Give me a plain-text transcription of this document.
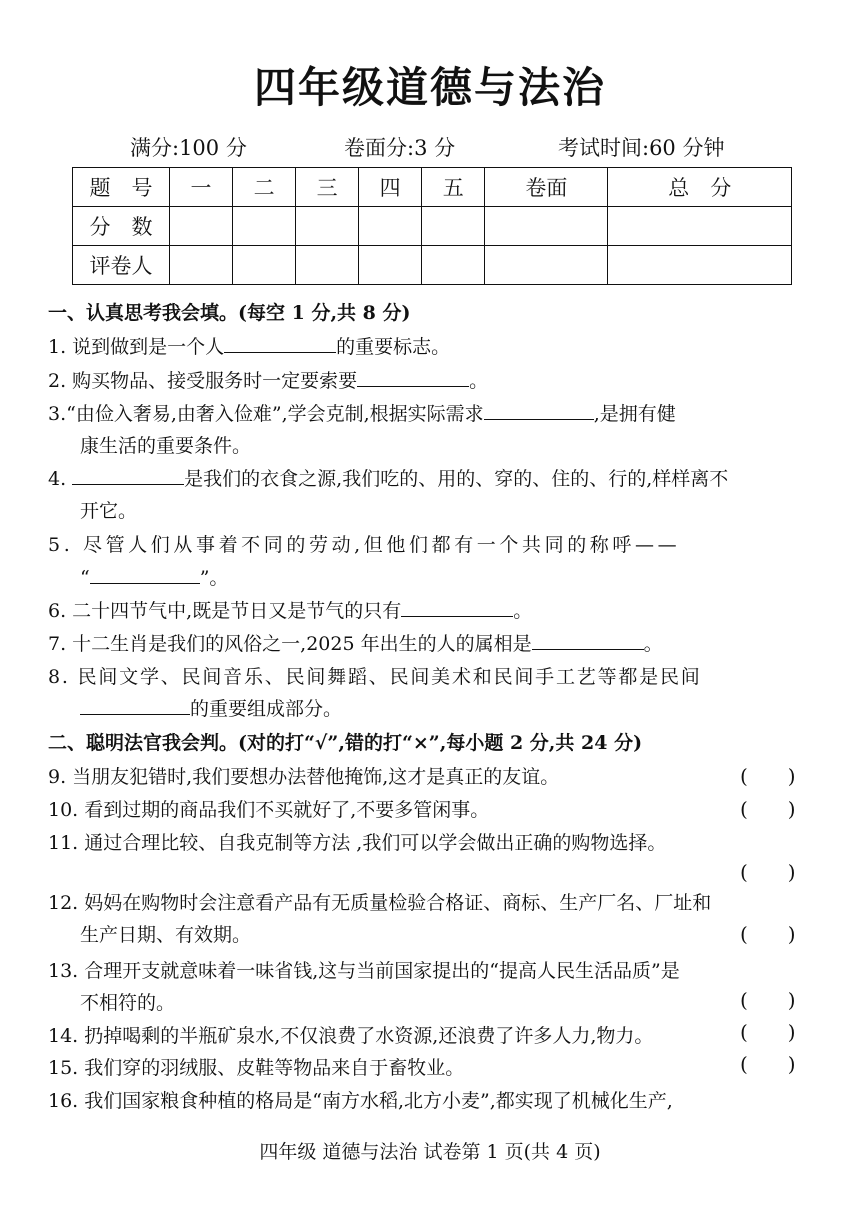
四年级道德与法治
满分:100 分	卷面分:3 分	考试时间:60 分钟
题　号	一	二	三	四	五	卷面	总　分
分　数							
评卷人							
一、认真思考我会填。(每空 1 分,共 8 分)
1. 说到做到是一个人	的重要标志。
2. 购买物品、接受服务时一定要索要	。
3.“由俭入奢易,由奢入俭难”,学会克制,根据实际需求	,是拥有健
康生活的重要条件。
4.	是我们的衣食之源,我们吃的、用的、穿的、住的、行的,样样离不
开它。
5. 尽管人们从事着不同的劳动,但他们都有一个共同的称呼——
“	”。
6. 二十四节气中,既是节日又是节气的只有	。
7. 十二生肖是我们的风俗之一,2025 年出生的人的属相是	。
8. 民间文学、民间音乐、民间舞蹈、民间美术和民间手工艺等都是民间
的重要组成部分。
二、聪明法官我会判。(对的打“√”,错的打“×”,每小题 2 分,共 24 分)
9. 当朋友犯错时,我们要想办法替他掩饰,这才是真正的友谊。	(　　)
10. 看到过期的商品我们不买就好了,不要多管闲事。	(　　)
11. 通过合理比较、自我克制等方法 ,我们可以学会做出正确的购物选择。
(　　)
12. 妈妈在购物时会注意看产品有无质量检验合格证、商标、生产厂名、厂址和
生产日期、有效期。	(　　)
13. 合理开支就意味着一味省钱,这与当前国家提出的“提高人民生活品质”是
不相符的。	(　　)
14. 扔掉喝剩的半瓶矿泉水,不仅浪费了水资源,还浪费了许多人力,物力。	(　　)
15. 我们穿的羽绒服、皮鞋等物品来自于畜牧业。	(　　)
16. 我们国家粮食种植的格局是“南方水稻,北方小麦”,都实现了机械化生产,
四年级 道德与法治 试卷第 1 页(共 4 页)
